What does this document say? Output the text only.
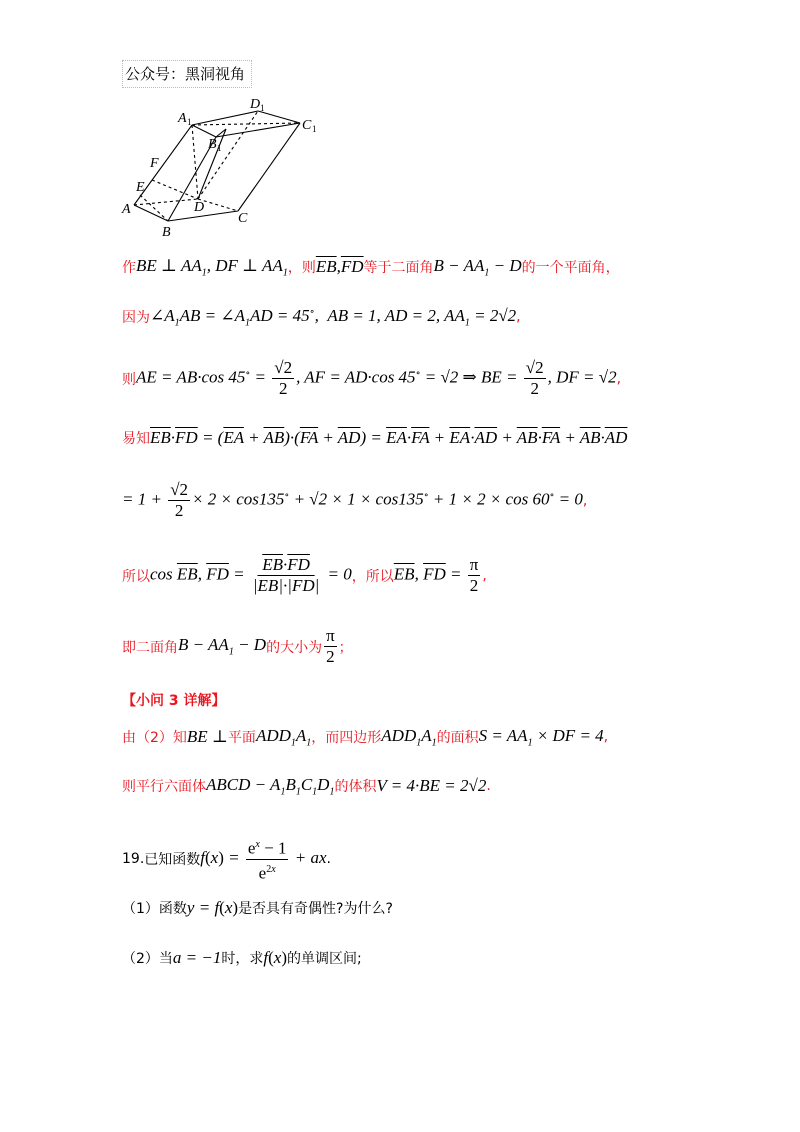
公众号：黑洞视角
A 1
D 1
C 1
B 1
F
E
A	D
B
C
作 BE ⊥ $AA_1$, DF ⊥ $AA_1$ ，则 $\overline{EB},\overline{FD}$ 等于二面角 $B - AA_1 - D$ 的一个平面角，
因为 $\angle A_1AB$ = $\angle A_1AD = 45^\circ$,  AB = 1, AD = 2, $AA_1 = 2√2$ ,
则 AE = AB·cos $45^\circ = \frac{√2}{2}$ , AF = AD·cos 45∘ = √2 ⇒ BE = $\frac{√2}{2}$ , DF = √2 ,
易知 $\overline{EB}\cdot\overline{FD} = (\overline{EA} + \overline{AB})\cdot(\overline{FA} + \overline{AD}) = \overline{EA}\cdot\overline{FA} + \overline{EA}\cdot\overline{AD} + \overline{AB}\cdot\overline{FA} + \overline{AB}\cdot\overline{AD}$
= $1 + \frac{√2}{2} \times 2 \times \cos 135^\circ + √2 \times 1 \times \cos 135^\circ + 1 \times 2 \times \cos 60^\circ = 0$ ,
所以 $\cos \overline{EB}$, $\overline{FD} = \frac{\overline{EB}\cdot\overline{FD}}{|\overline{EB}|\cdot|\overline{FD}|} = 0$ ，所以 $\overline{EB}$, $\overline{FD} = \frac{\pi}{2}$ ,
即二面角 $B - AA_1 - D$ 的大小为 $\frac{\pi}{2}$ ；
【小问 3 详解】
由（2）知 BE ⊥ 平面 $ADD_1A_1$ ，而四边形 $ADD_1A_1$ 的面积 $S = AA_1$ × DF = 4 ,
则平行六面体 ABCD − $A_1B_1C_1D_1$ 的体积 V = 4·BE = 2√2 .
19. 已知函数 $f(x) = \frac{e^x - 1}{e^{2x}}$ + ax .
（1）函数 y = f(x) 是否具有奇偶性?为什么?
（2）当 a = −1 时，求 f(x) 的单调区间;
